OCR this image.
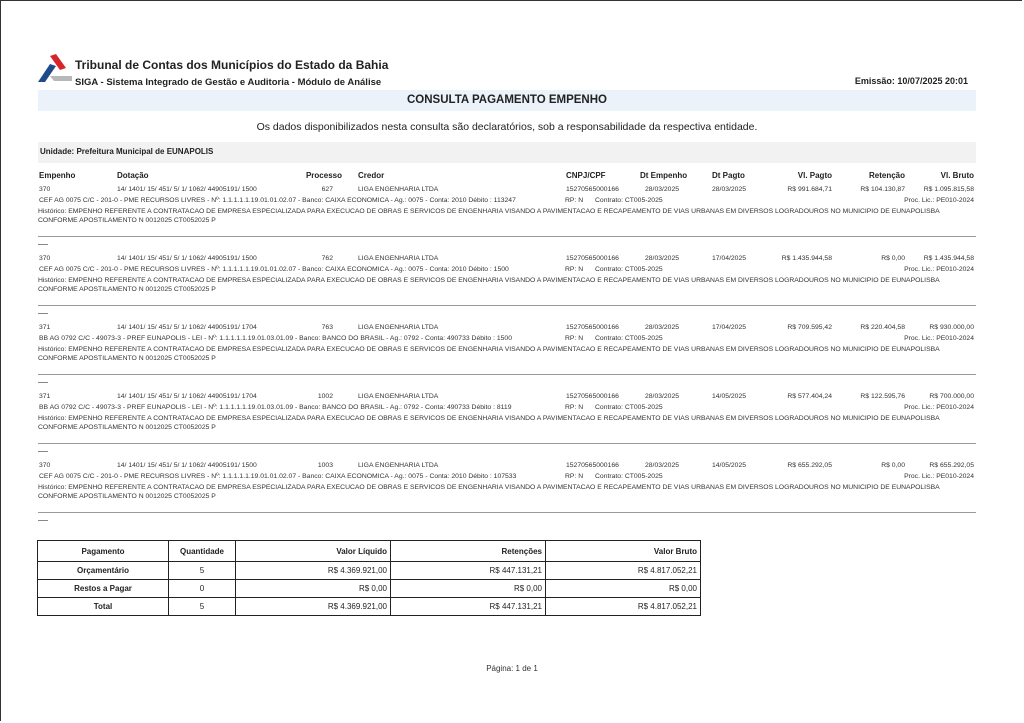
Tribunal de Contas dos Municípios do Estado da Bahia
SIGA - Sistema Integrado de Gestão e Auditoria - Módulo de Análise	Emissão: 10/07/2025 20:01
CONSULTA PAGAMENTO EMPENHO
Os dados disponibilizados nesta consulta são declaratórios, sob a responsabilidade da respectiva entidade.
Unidade: Prefeitura Municipal de EUNAPOLIS
Empenho	Dotação	Processo Credor	CNPJ/CPF	Dt Empenho	Dt Pagto	Vl. Pagto	Retenção	Vl. Bruto
370	14/ 1401/ 15/ 451/ 5/ 1/ 1062/ 44905191/ 1500	627	LIGA ENGENHARIA LTDA	15270565000166	28/03/2025	28/03/2025	R$ 991.684,71	R$ 104.130,87	R$ 1.095.815,58
CEF AG 0075 C/C - 201-0 - PME RECURSOS LIVRES - Nº: 1.1.1.1.1.19.01.01.02.07 - Banco: CAIXA ECONOMICA - Ag.: 0075 - Conta: 2010 Débito : 113247	RP: N Contrato: CT005-2025	Proc. Lic.: PE010-2024
Histórico: EMPENHO REFERENTE A CONTRATACAO DE EMPRESA ESPECIALIZADA PARA EXECUCAO DE OBRAS E SERVICOS DE ENGENHARIA VISANDO A PAVIMENTACAO E RECAPEAMENTO DE VIAS URBANAS EM DIVERSOS LOGRADOUROS NO MUNICIPIO DE EUNAPOLISBA CONFORME APOSTILAMENTO N 0012025 CT0052025 P
370	14/ 1401/ 15/ 451/ 5/ 1/ 1062/ 44905191/ 1500	762	LIGA ENGENHARIA LTDA	15270565000166	28/03/2025	17/04/2025	R$ 1.435.944,58	R$ 0,00	R$ 1.435.944,58
CEF AG 0075 C/C - 201-0 - PME RECURSOS LIVRES - Nº: 1.1.1.1.1.19.01.01.02.07 - Banco: CAIXA ECONOMICA - Ag.: 0075 - Conta: 2010 Débito : 1500	RP: N Contrato: CT005-2025	Proc. Lic.: PE010-2024
Histórico: EMPENHO REFERENTE A CONTRATACAO DE EMPRESA ESPECIALIZADA PARA EXECUCAO DE OBRAS E SERVICOS DE ENGENHARIA VISANDO A PAVIMENTACAO E RECAPEAMENTO DE VIAS URBANAS EM DIVERSOS LOGRADOUROS NO MUNICIPIO DE EUNAPOLISBA CONFORME APOSTILAMENTO N 0012025 CT0052025 P
371	14/ 1401/ 15/ 451/ 5/ 1/ 1062/ 44905191/ 1704	763	LIGA ENGENHARIA LTDA	15270565000166	28/03/2025	17/04/2025	R$ 709.595,42	R$ 220.404,58	R$ 930.000,00
BB AG 0792 C/C - 49073-3 - PREF EUNAPOLIS - LEI - Nº: 1.1.1.1.1.19.01.03.01.09 - Banco: BANCO DO BRASIL - Ag.: 0792 - Conta: 490733 Débito : 1500	RP: N Contrato: CT005-2025	Proc. Lic.: PE010-2024
Histórico: EMPENHO REFERENTE A CONTRATACAO DE EMPRESA ESPECIALIZADA PARA EXECUCAO DE OBRAS E SERVICOS DE ENGENHARIA VISANDO A PAVIMENTACAO E RECAPEAMENTO DE VIAS URBANAS EM DIVERSOS LOGRADOUROS NO MUNICIPIO DE EUNAPOLISBA CONFORME APOSTILAMENTO N 0012025 CT0052025 P
371	14/ 1401/ 15/ 451/ 5/ 1/ 1062/ 44905191/ 1704	1002	LIGA ENGENHARIA LTDA	15270565000166	28/03/2025	14/05/2025	R$ 577.404,24	R$ 122.595,76	R$ 700.000,00
BB AG 0792 C/C - 49073-3 - PREF EUNAPOLIS - LEI - Nº: 1.1.1.1.1.19.01.03.01.09 - Banco: BANCO DO BRASIL - Ag.: 0792 - Conta: 490733 Débito : 8119	RP: N Contrato: CT005-2025	Proc. Lic.: PE010-2024
Histórico: EMPENHO REFERENTE A CONTRATACAO DE EMPRESA ESPECIALIZADA PARA EXECUCAO DE OBRAS E SERVICOS DE ENGENHARIA VISANDO A PAVIMENTACAO E RECAPEAMENTO DE VIAS URBANAS EM DIVERSOS LOGRADOUROS NO MUNICIPIO DE EUNAPOLISBA CONFORME APOSTILAMENTO N 0012025 CT0052025 P
370	14/ 1401/ 15/ 451/ 5/ 1/ 1062/ 44905191/ 1500	1003	LIGA ENGENHARIA LTDA	15270565000166	28/03/2025	14/05/2025	R$ 655.292,05	R$ 0,00	R$ 655.292,05
CEF AG 0075 C/C - 201-0 - PME RECURSOS LIVRES - Nº: 1.1.1.1.1.19.01.01.02.07 - Banco: CAIXA ECONOMICA - Ag.: 0075 - Conta: 2010 Débito : 107533	RP: N Contrato: CT005-2025	Proc. Lic.: PE010-2024
Histórico: EMPENHO REFERENTE A CONTRATACAO DE EMPRESA ESPECIALIZADA PARA EXECUCAO DE OBRAS E SERVICOS DE ENGENHARIA VISANDO A PAVIMENTACAO E RECAPEAMENTO DE VIAS URBANAS EM DIVERSOS LOGRADOUROS NO MUNICIPIO DE EUNAPOLISBA CONFORME APOSTILAMENTO N 0012025 CT0052025 P
Pagamento	Quantidade	Valor Líquido	Retenções	Valor Bruto
Orçamentário	5	R$ 4.369.921,00	R$ 447.131,21	R$ 4.817.052,21
Restos a Pagar	0	R$ 0,00	R$ 0,00	R$ 0,00
Total	5	R$ 4.369.921,00	R$ 447.131,21	R$ 4.817.052,21
Página: 1 de 1
